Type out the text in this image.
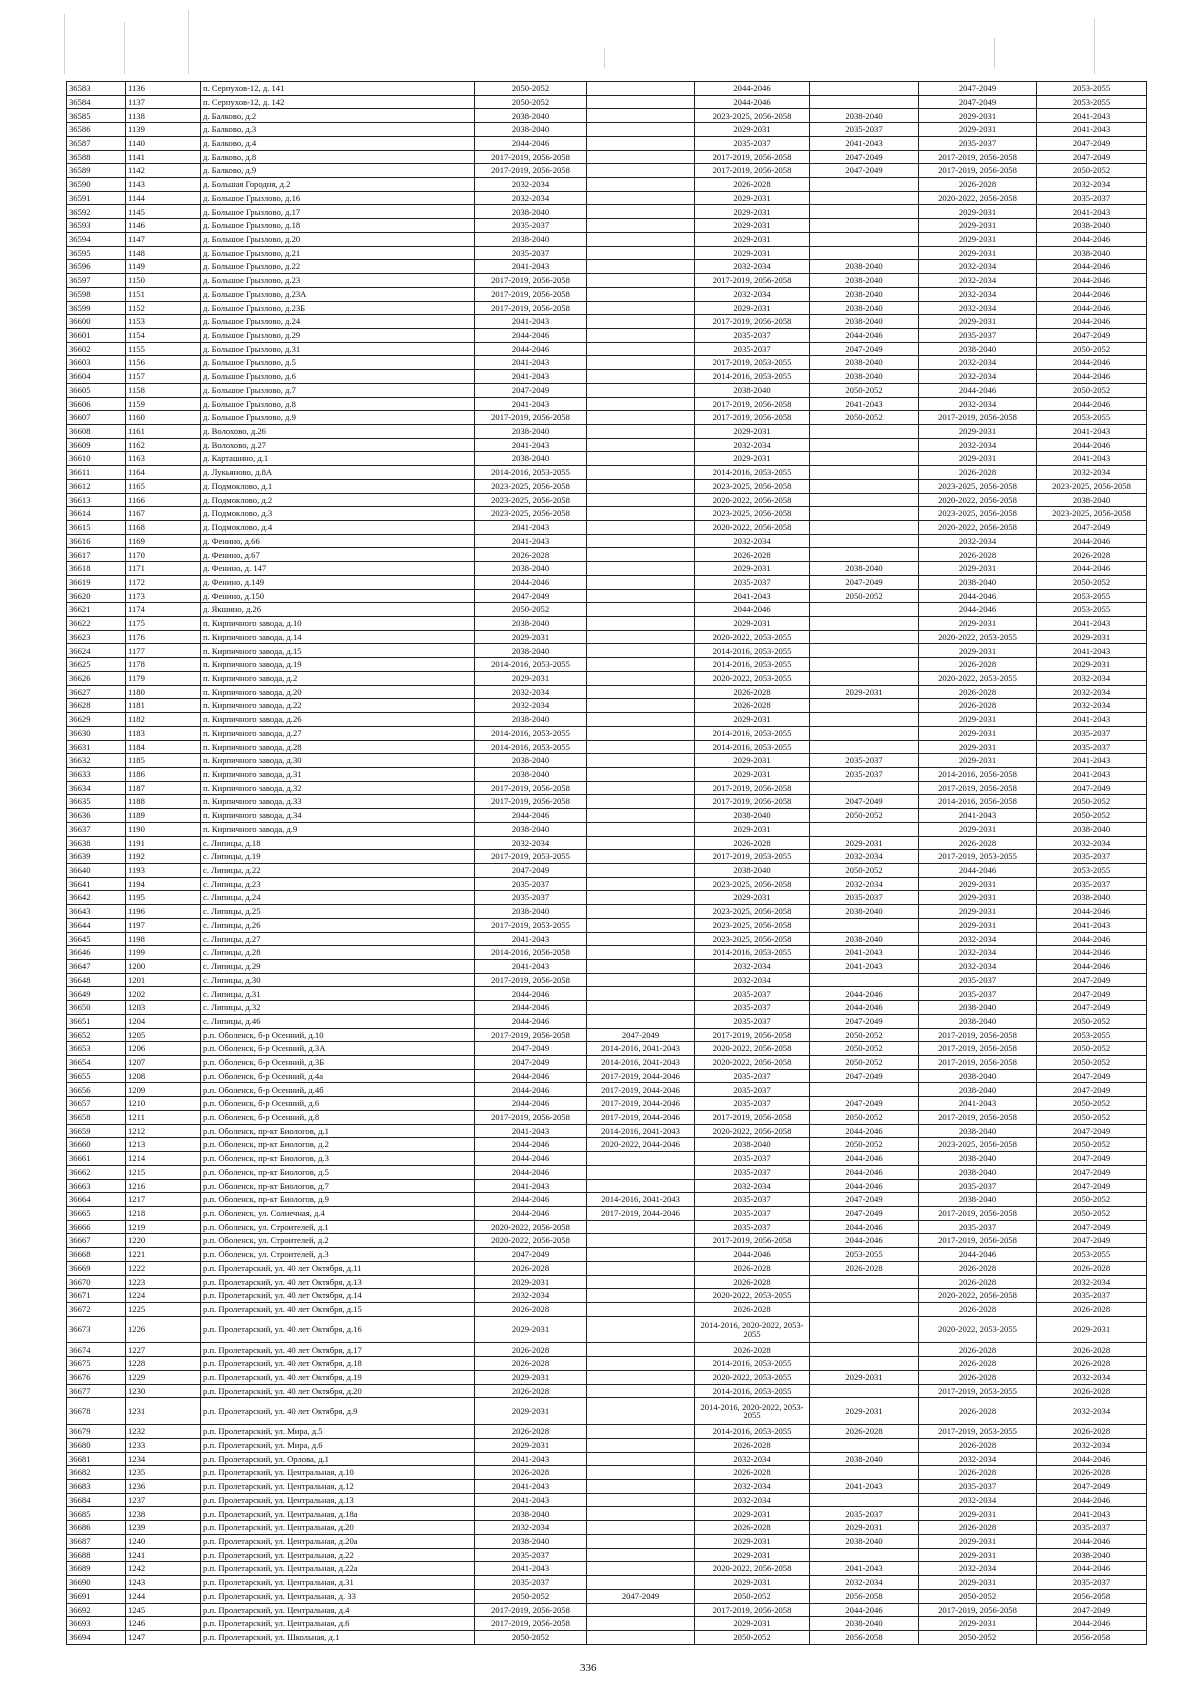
36583	1136	п. Серпухов-12, д. 141	2050-2052		2044-2046		2047-2049	2053-2055
36584	1137	п. Серпухов-12, д. 142	2050-2052		2044-2046		2047-2049	2053-2055
36585	1138	д. Балково, д.2	2038-2040		2023-2025, 2056-2058	2038-2040	2029-2031	2041-2043
36586	1139	д. Балково, д.3	2038-2040		2029-2031	2035-2037	2029-2031	2041-2043
36587	1140	д. Балково, д.4	2044-2046		2035-2037	2041-2043	2035-2037	2047-2049
36588	1141	д. Балково, д.8	2017-2019, 2056-2058		2017-2019, 2056-2058	2047-2049	2017-2019, 2056-2058	2047-2049
36589	1142	д. Балково, д.9	2017-2019, 2056-2058		2017-2019, 2056-2058	2047-2049	2017-2019, 2056-2058	2050-2052
36590	1143	д. Большая Городня, д.2	2032-2034		2026-2028		2026-2028	2032-2034
36591	1144	д. Большое Грызлово, д.16	2032-2034		2029-2031		2020-2022, 2056-2058	2035-2037
36592	1145	д. Большое Грызлово, д.17	2038-2040		2029-2031		2029-2031	2041-2043
36593	1146	д. Большое Грызлово, д.18	2035-2037		2029-2031		2029-2031	2038-2040
36594	1147	д. Большое Грызлово, д.20	2038-2040		2029-2031		2029-2031	2044-2046
36595	1148	д. Большое Грызлово, д.21	2035-2037		2029-2031		2029-2031	2038-2040
36596	1149	д. Большое Грызлово, д.22	2041-2043		2032-2034	2038-2040	2032-2034	2044-2046
36597	1150	д. Большое Грызлово, д.23	2017-2019, 2056-2058		2017-2019, 2056-2058	2038-2040	2032-2034	2044-2046
36598	1151	д. Большое Грызлово, д.23А	2017-2019, 2056-2058		2032-2034	2038-2040	2032-2034	2044-2046
36599	1152	д. Большое Грызлово, д.23Б	2017-2019, 2056-2058		2029-2031	2038-2040	2032-2034	2044-2046
36600	1153	д. Большое Грызлово, д.24	2041-2043		2017-2019, 2056-2058	2038-2040	2029-2031	2044-2046
36601	1154	д. Большое Грызлово, д.29	2044-2046		2035-2037	2044-2046	2035-2037	2047-2049
36602	1155	д. Большое Грызлово, д.31	2044-2046		2035-2037	2047-2049	2038-2040	2050-2052
36603	1156	д. Большое Грызлово, д.5	2041-2043		2017-2019, 2053-2055	2038-2040	2032-2034	2044-2046
36604	1157	д. Большое Грызлово, д.6	2041-2043		2014-2016, 2053-2055	2038-2040	2032-2034	2044-2046
36605	1158	д. Большое Грызлово, д.7	2047-2049		2038-2040	2050-2052	2044-2046	2050-2052
36606	1159	д. Большое Грызлово, д.8	2041-2043		2017-2019, 2056-2058	2041-2043	2032-2034	2044-2046
36607	1160	д. Большое Грызлово, д.9	2017-2019, 2056-2058		2017-2019, 2056-2058	2050-2052	2017-2019, 2056-2058	2053-2055
36608	1161	д. Волохово, д.26	2038-2040		2029-2031		2029-2031	2041-2043
36609	1162	д. Волохово, д.27	2041-2043		2032-2034		2032-2034	2044-2046
36610	1163	д. Карташино, д.1	2038-2040		2029-2031		2029-2031	2041-2043
36611	1164	д. Лукьяново, д.8А	2014-2016, 2053-2055		2014-2016, 2053-2055		2026-2028	2032-2034
36612	1165	д. Подмоклово, д.1	2023-2025, 2056-2058		2023-2025, 2056-2058		2023-2025, 2056-2058	2023-2025, 2056-2058
36613	1166	д. Подмоклово, д.2	2023-2025, 2056-2058		2020-2022, 2056-2058		2020-2022, 2056-2058	2038-2040
36614	1167	д. Подмоклово, д.3	2023-2025, 2056-2058		2023-2025, 2056-2058		2023-2025, 2056-2058	2023-2025, 2056-2058
36615	1168	д. Подмоклово, д.4	2041-2043		2020-2022, 2056-2058		2020-2022, 2056-2058	2047-2049
36616	1169	д. Фенино, д.66	2041-2043		2032-2034		2032-2034	2044-2046
36617	1170	д. Фенино, д.67	2026-2028		2026-2028		2026-2028	2026-2028
36618	1171	д. Фенино, д. 147	2038-2040		2029-2031	2038-2040	2029-2031	2044-2046
36619	1172	д. Фенино, д.149	2044-2046		2035-2037	2047-2049	2038-2040	2050-2052
36620	1173	д. Фенино, д.150	2047-2049		2041-2043	2050-2052	2044-2046	2053-2055
36621	1174	д. Якшино, д.26	2050-2052		2044-2046		2044-2046	2053-2055
36622	1175	п. Кирпичного завода, д.10	2038-2040		2029-2031		2029-2031	2041-2043
36623	1176	п. Кирпичного завода, д.14	2029-2031		2020-2022, 2053-2055		2020-2022, 2053-2055	2029-2031
36624	1177	п. Кирпичного завода, д.15	2038-2040		2014-2016, 2053-2055		2029-2031	2041-2043
36625	1178	п. Кирпичного завода, д.19	2014-2016, 2053-2055		2014-2016, 2053-2055		2026-2028	2029-2031
36626	1179	п. Кирпичного завода, д.2	2029-2031		2020-2022, 2053-2055		2020-2022, 2053-2055	2032-2034
36627	1180	п. Кирпичного завода, д.20	2032-2034		2026-2028	2029-2031	2026-2028	2032-2034
36628	1181	п. Кирпичного завода, д.22	2032-2034		2026-2028		2026-2028	2032-2034
36629	1182	п. Кирпичного завода, д.26	2038-2040		2029-2031		2029-2031	2041-2043
36630	1183	п. Кирпичного завода, д.27	2014-2016, 2053-2055		2014-2016, 2053-2055		2029-2031	2035-2037
36631	1184	п. Кирпичного завода, д.28	2014-2016, 2053-2055		2014-2016, 2053-2055		2029-2031	2035-2037
36632	1185	п. Кирпичного завода, д.30	2038-2040		2029-2031	2035-2037	2029-2031	2041-2043
36633	1186	п. Кирпичного завода, д.31	2038-2040		2029-2031	2035-2037	2014-2016, 2056-2058	2041-2043
36634	1187	п. Кирпичного завода, д.32	2017-2019, 2056-2058		2017-2019, 2056-2058		2017-2019, 2056-2058	2047-2049
36635	1188	п. Кирпичного завода, д.33	2017-2019, 2056-2058		2017-2019, 2056-2058	2047-2049	2014-2016, 2056-2058	2050-2052
36636	1189	п. Кирпичного завода, д.34	2044-2046		2038-2040	2050-2052	2041-2043	2050-2052
36637	1190	п. Кирпичного завода, д.9	2038-2040		2029-2031		2029-2031	2038-2040
36638	1191	с. Липицы, д.18	2032-2034		2026-2028	2029-2031	2026-2028	2032-2034
36639	1192	с. Липицы, д.19	2017-2019, 2053-2055		2017-2019, 2053-2055	2032-2034	2017-2019, 2053-2055	2035-2037
36640	1193	с. Липицы, д.22	2047-2049		2038-2040	2050-2052	2044-2046	2053-2055
36641	1194	с. Липицы, д.23	2035-2037		2023-2025, 2056-2058	2032-2034	2029-2031	2035-2037
36642	1195	с. Липицы, д.24	2035-2037		2029-2031	2035-2037	2029-2031	2038-2040
36643	1196	с. Липицы, д.25	2038-2040		2023-2025, 2056-2058	2038-2040	2029-2031	2044-2046
36644	1197	с. Липицы, д.26	2017-2019, 2053-2055		2023-2025, 2056-2058		2029-2031	2041-2043
36645	1198	с. Липицы, д.27	2041-2043		2023-2025, 2056-2058	2038-2040	2032-2034	2044-2046
36646	1199	с. Липицы, д.28	2014-2016, 2056-2058		2014-2016, 2053-2055	2041-2043	2032-2034	2044-2046
36647	1200	с. Липицы, д.29	2041-2043		2032-2034	2041-2043	2032-2034	2044-2046
36648	1201	с. Липицы, д.30	2017-2019, 2056-2058		2032-2034		2035-2037	2047-2049
36649	1202	с. Липицы, д.31	2044-2046		2035-2037	2044-2046	2035-2037	2047-2049
36650	1203	с. Липицы, д.32	2044-2046		2035-2037	2044-2046	2038-2040	2047-2049
36651	1204	с. Липицы, д.46	2044-2046		2035-2037	2047-2049	2038-2040	2050-2052
36652	1205	р.п. Оболенск, б-р Осенний, д.10	2017-2019, 2056-2058	2047-2049	2017-2019, 2056-2058	2050-2052	2017-2019, 2056-2058	2053-2055
36653	1206	р.п. Оболенск, б-р Осенний, д.3А	2047-2049	2014-2016, 2041-2043	2020-2022, 2056-2058	2050-2052	2017-2019, 2056-2058	2050-2052
36654	1207	р.п. Оболенск, б-р Осенний, д.3Б	2047-2049	2014-2016, 2041-2043	2020-2022, 2056-2058	2050-2052	2017-2019, 2056-2058	2050-2052
36655	1208	р.п. Оболенск, б-р Осенний, д.4а	2044-2046	2017-2019, 2044-2046	2035-2037	2047-2049	2038-2040	2047-2049
36656	1209	р.п. Оболенск, б-р Осенний, д.4б	2044-2046	2017-2019, 2044-2046	2035-2037		2038-2040	2047-2049
36657	1210	р.п. Оболенск, б-р Осенний, д.6	2044-2046	2017-2019, 2044-2046	2035-2037	2047-2049	2041-2043	2050-2052
36658	1211	р.п. Оболенск, б-р Осенний, д.8	2017-2019, 2056-2058	2017-2019, 2044-2046	2017-2019, 2056-2058	2050-2052	2017-2019, 2056-2058	2050-2052
36659	1212	р.п. Оболенск, пр-кт Биологов, д.1	2041-2043	2014-2016, 2041-2043	2020-2022, 2056-2058	2044-2046	2038-2040	2047-2049
36660	1213	р.п. Оболенск, пр-кт Биологов, д.2	2044-2046	2020-2022, 2044-2046	2038-2040	2050-2052	2023-2025, 2056-2058	2050-2052
36661	1214	р.п. Оболенск, пр-кт Биологов, д.3	2044-2046		2035-2037	2044-2046	2038-2040	2047-2049
36662	1215	р.п. Оболенск, пр-кт Биологов, д.5	2044-2046		2035-2037	2044-2046	2038-2040	2047-2049
36663	1216	р.п. Оболенск, пр-кт Биологов, д.7	2041-2043		2032-2034	2044-2046	2035-2037	2047-2049
36664	1217	р.п. Оболенск, пр-кт Биологов, д.9	2044-2046	2014-2016, 2041-2043	2035-2037	2047-2049	2038-2040	2050-2052
36665	1218	р.п. Оболенск, ул. Солнечная, д.4	2044-2046	2017-2019, 2044-2046	2035-2037	2047-2049	2017-2019, 2056-2058	2050-2052
36666	1219	р.п. Оболенск, ул. Строителей, д.1	2020-2022, 2056-2058		2035-2037	2044-2046	2035-2037	2047-2049
36667	1220	р.п. Оболенск, ул. Строителей, д.2	2020-2022, 2056-2058		2017-2019, 2056-2058	2044-2046	2017-2019, 2056-2058	2047-2049
36668	1221	р.п. Оболенск, ул. Строителей, д.3	2047-2049		2044-2046	2053-2055	2044-2046	2053-2055
36669	1222	р.п. Пролетарский, ул. 40 лет Октября, д.11	2026-2028		2026-2028	2026-2028	2026-2028	2026-2028
36670	1223	р.п. Пролетарский, ул. 40 лет Октября, д.13	2029-2031		2026-2028		2026-2028	2032-2034
36671	1224	р.п. Пролетарский, ул. 40 лет Октября, д.14	2032-2034		2020-2022, 2053-2055		2020-2022, 2056-2058	2035-2037
36672	1225	р.п. Пролетарский, ул. 40 лет Октября, д.15	2026-2028		2026-2028		2026-2028	2026-2028
36673	1226	р.п. Пролетарский, ул. 40 лет Октября, д.16	2029-2031		2014-2016, 2020-2022, 2053-2055		2020-2022, 2053-2055	2029-2031
36674	1227	р.п. Пролетарский, ул. 40 лет Октября, д.17	2026-2028		2026-2028		2026-2028	2026-2028
36675	1228	р.п. Пролетарский, ул. 40 лет Октября, д.18	2026-2028		2014-2016, 2053-2055		2026-2028	2026-2028
36676	1229	р.п. Пролетарский, ул. 40 лет Октября, д.19	2029-2031		2020-2022, 2053-2055	2029-2031	2026-2028	2032-2034
36677	1230	р.п. Пролетарский, ул. 40 лет Октября, д.20	2026-2028		2014-2016, 2053-2055		2017-2019, 2053-2055	2026-2028
36678	1231	р.п. Пролетарский, ул. 40 лет Октября, д.9	2029-2031		2014-2016, 2020-2022, 2053-2055	2029-2031	2026-2028	2032-2034
36679	1232	р.п. Пролетарский, ул. Мира, д.5	2026-2028		2014-2016, 2053-2055	2026-2028	2017-2019, 2053-2055	2026-2028
36680	1233	р.п. Пролетарский, ул. Мира, д.6	2029-2031		2026-2028		2026-2028	2032-2034
36681	1234	р.п. Пролетарский, ул. Орлова, д.1	2041-2043		2032-2034	2038-2040	2032-2034	2044-2046
36682	1235	р.п. Пролетарский, ул. Центральная, д.10	2026-2028		2026-2028		2026-2028	2026-2028
36683	1236	р.п. Пролетарский, ул. Центральная, д.12	2041-2043		2032-2034	2041-2043	2035-2037	2047-2049
36684	1237	р.п. Пролетарский, ул. Центральная, д.13	2041-2043		2032-2034		2032-2034	2044-2046
36685	1238	р.п. Пролетарский, ул. Центральная, д.18а	2038-2040		2029-2031	2035-2037	2029-2031	2041-2043
36686	1239	р.п. Пролетарский, ул. Центральная, д.20	2032-2034		2026-2028	2029-2031	2026-2028	2035-2037
36687	1240	р.п. Пролетарский, ул. Центральная, д.20а	2038-2040		2029-2031	2038-2040	2029-2031	2044-2046
36688	1241	р.п. Пролетарский, ул. Центральная, д.22	2035-2037		2029-2031		2029-2031	2038-2040
36689	1242	р.п. Пролетарский, ул. Центральная, д.22а	2041-2043		2020-2022, 2056-2058	2041-2043	2032-2034	2044-2046
36690	1243	р.п. Пролетарский, ул. Центральная, д.31	2035-2037		2029-2031	2032-2034	2029-2031	2035-2037
36691	1244	р.п. Пролетарский, ул. Центральная, д. 33	2050-2052	2047-2049	2050-2052	2056-2058	2050-2052	2056-2058
36692	1245	р.п. Пролетарский, ул. Центральная, д.4	2017-2019, 2056-2058		2017-2019, 2056-2058	2044-2046	2017-2019, 2056-2058	2047-2049
36693	1246	р.п. Пролетарский, ул. Центральная, д.6	2017-2019, 2056-2058		2029-2031	2038-2040	2029-2031	2044-2046
36694	1247	р.п. Пролетарский, ул. Школьная, д.1	2050-2052		2050-2052	2056-2058	2050-2052	2056-2058
336
